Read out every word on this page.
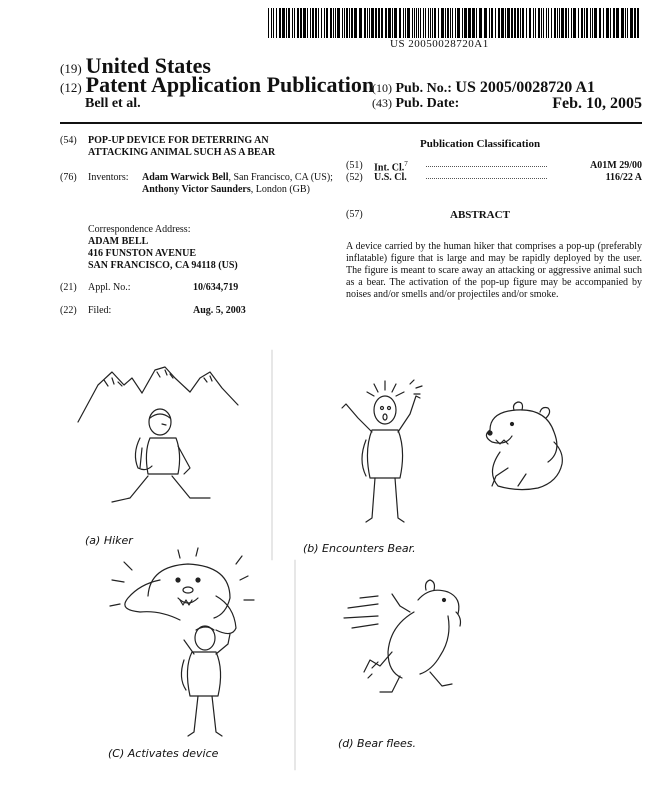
US 20050028720A1
(19) United States
(12) Patent Application Publication
Bell et al.
(10) Pub. No.: US 2005/0028720 A1
(43) Pub. Date:	Feb. 10, 2005
(54) POP-UP DEVICE FOR DETERRING AN ATTACKING ANIMAL SUCH AS A BEAR
(76) Inventors: Adam Warwick Bell, San Francisco, CA (US); Anthony Victor Saunders, London (GB)
Correspondence Address:
ADAM BELL
416 FUNSTON AVENUE
SAN FRANCISCO, CA 94118 (US)
(21) Appl. No.:	10/634,719
(22) Filed:	Aug. 5, 2003
Publication Classification
(51) Int. Cl.$^7$	A01M 29/00
(52) U.S. Cl.	116/22 A
(57)	ABSTRACT
A device carried by the human hiker that comprises a pop-up (preferably inflatable) figure that is large and may be rapidly deployed by the user. The figure is meant to scare away an attacking or aggressive animal such as a bear. The activation of the pop-up figure may be accompanied by noises and/or smells and/or projectiles and/or smoke.
(a) Hiker
(b) Encounters Bear.
(C) Activates device
(d) Bear flees.
